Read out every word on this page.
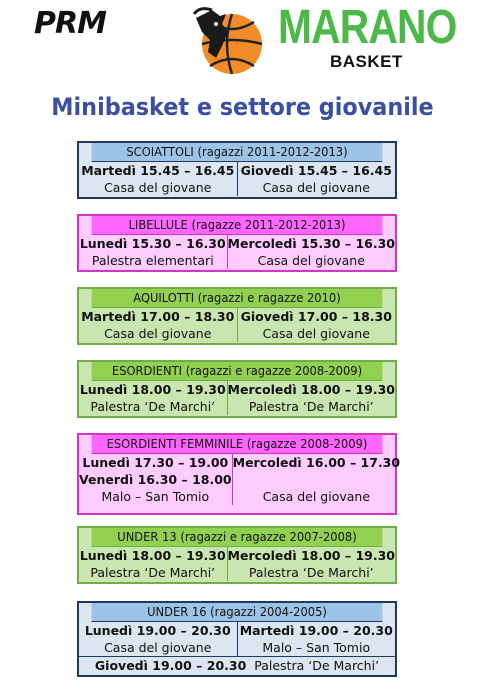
PRM	MARANO
BASKET
Minibasket e settore giovanile
SCOIATTOLI (ragazzi 2011-2012-2013)
Martedì 15.45 – 16.45
Casa del giovane
Giovedì 15.45 – 16.45
Casa del giovane
LIBELLULE (ragazze 2011-2012-2013)
Lunedì 15.30 – 16.30
Palestra elementari
Mercoledì 15.30 – 16.30
Casa del giovane
AQUILOTTI (ragazzi e ragazze 2010)
Martedì 17.00 – 18.30
Casa del giovane
Giovedì 17.00 – 18.30
Casa del giovane
ESORDIENTI (ragazzi e ragazze 2008-2009)
Lunedì 18.00 – 19.30
Palestra ‘De Marchi’
Mercoledì 18.00 – 19.30
Palestra ‘De Marchi’
ESORDIENTI FEMMINILE (ragazze 2008-2009)
Lunedì 17.30 – 19.00
Venerdì 16.30 – 18.00
Malo – San Tomio
Mercoledì 16.00 – 17.30
Casa del giovane
UNDER 13 (ragazzi e ragazze 2007-2008)
Lunedì 18.00 – 19.30
Palestra ‘De Marchi’
Mercoledì 18.00 – 19.30
Palestra ‘De Marchi’
UNDER 16 (ragazzi 2004-2005)
Lunedì 19.00 – 20.30
Casa del giovane
Martedì 19.00 – 20.30
Malo – San Tomio
Giovedì 19.00 – 20.30 Palestra ‘De Marchi’
